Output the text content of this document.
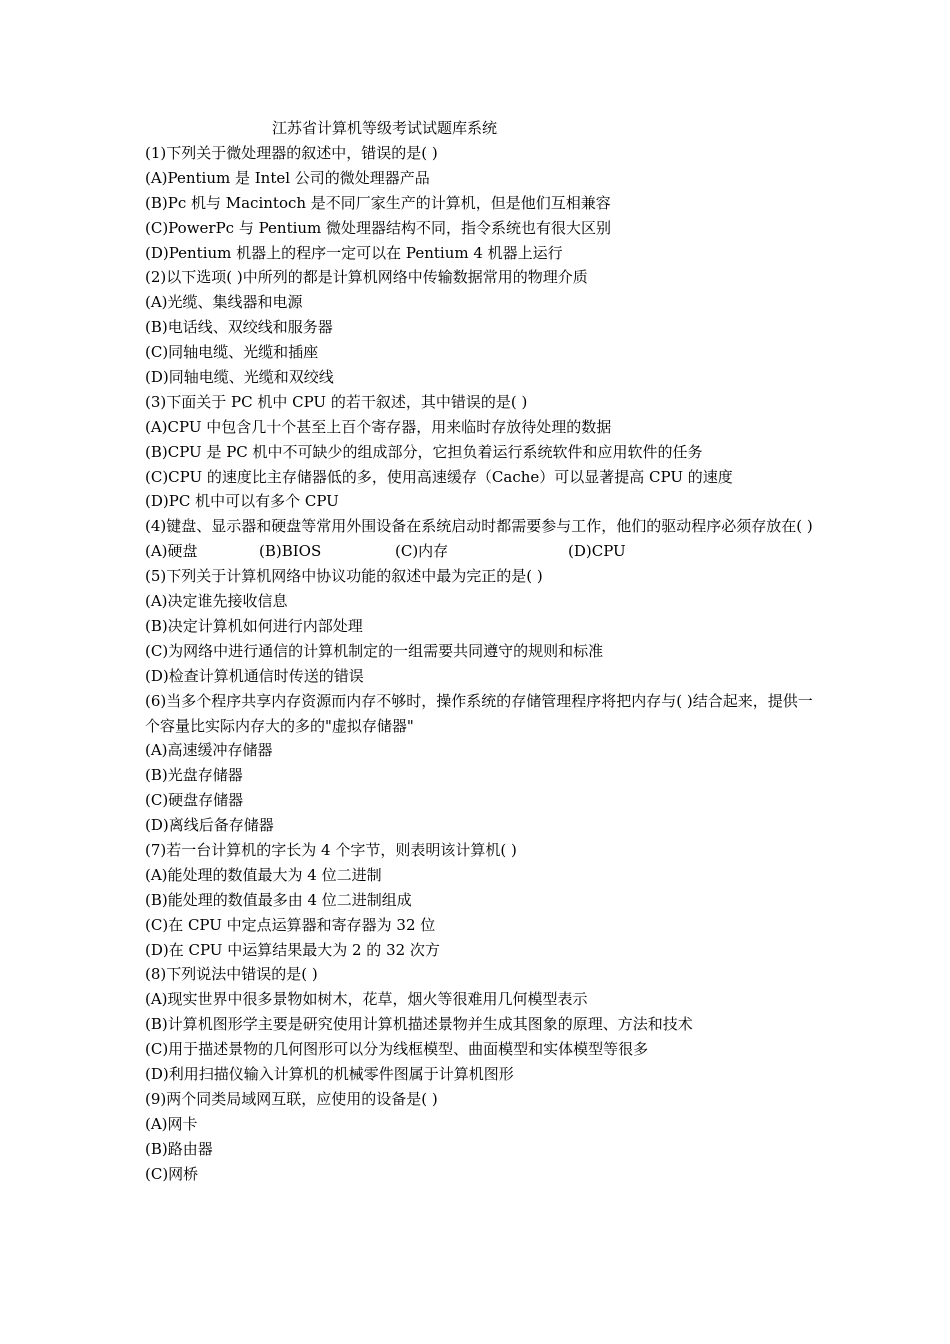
江苏省计算机等级考试试题库系统
(1)下列关于微处理器的叙述中，错误的是( )
(A)Pentium 是 Intel 公司的微处理器产品
(B)Pc 机与 Macintoch 是不同厂家生产的计算机，但是他们互相兼容
(C)PowerPc 与 Pentium 微处理器结构不同，指令系统也有很大区别
(D)Pentium 机器上的程序一定可以在 Pentium 4 机器上运行
(2)以下选项( )中所列的都是计算机网络中传输数据常用的物理介质
(A)光缆、集线器和电源
(B)电话线、双绞线和服务器
(C)同轴电缆、光缆和插座
(D)同轴电缆、光缆和双绞线
(3)下面关于 PC 机中 CPU 的若干叙述，其中错误的是( )
(A)CPU 中包含几十个甚至上百个寄存器，用来临时存放待处理的数据
(B)CPU 是 PC 机中不可缺少的组成部分，它担负着运行系统软件和应用软件的任务
(C)CPU 的速度比主存储器低的多，使用高速缓存（Cache）可以显著提高 CPU 的速度
(D)PC 机中可以有多个 CPU
(4)键盘、显示器和硬盘等常用外围设备在系统启动时都需要参与工作，他们的驱动程序必须存放在( )
(A)硬盘	(B)BIOS	(C)内存	(D)CPU
(5)下列关于计算机网络中协议功能的叙述中最为完正的是( )
(A)决定谁先接收信息
(B)决定计算机如何进行内部处理
(C)为网络中进行通信的计算机制定的一组需要共同遵守的规则和标准
(D)检查计算机通信时传送的错误
(6)当多个程序共享内存资源而内存不够时，操作系统的存储管理程序将把内存与( )结合起来，提供一个容量比实际内存大的多的"虚拟存储器"
(A)高速缓冲存储器
(B)光盘存储器
(C)硬盘存储器
(D)离线后备存储器
(7)若一台计算机的字长为 4 个字节，则表明该计算机( )
(A)能处理的数值最大为 4 位二进制
(B)能处理的数值最多由 4 位二进制组成
(C)在 CPU 中定点运算器和寄存器为 32 位
(D)在 CPU 中运算结果最大为 2 的 32 次方
(8)下列说法中错误的是( )
(A)现实世界中很多景物如树木，花草，烟火等很难用几何模型表示
(B)计算机图形学主要是研究使用计算机描述景物并生成其图象的原理、方法和技术
(C)用于描述景物的几何图形可以分为线框模型、曲面模型和实体模型等很多
(D)利用扫描仪输入计算机的机械零件图属于计算机图形
(9)两个同类局域网互联，应使用的设备是( )
(A)网卡
(B)路由器
(C)网桥
